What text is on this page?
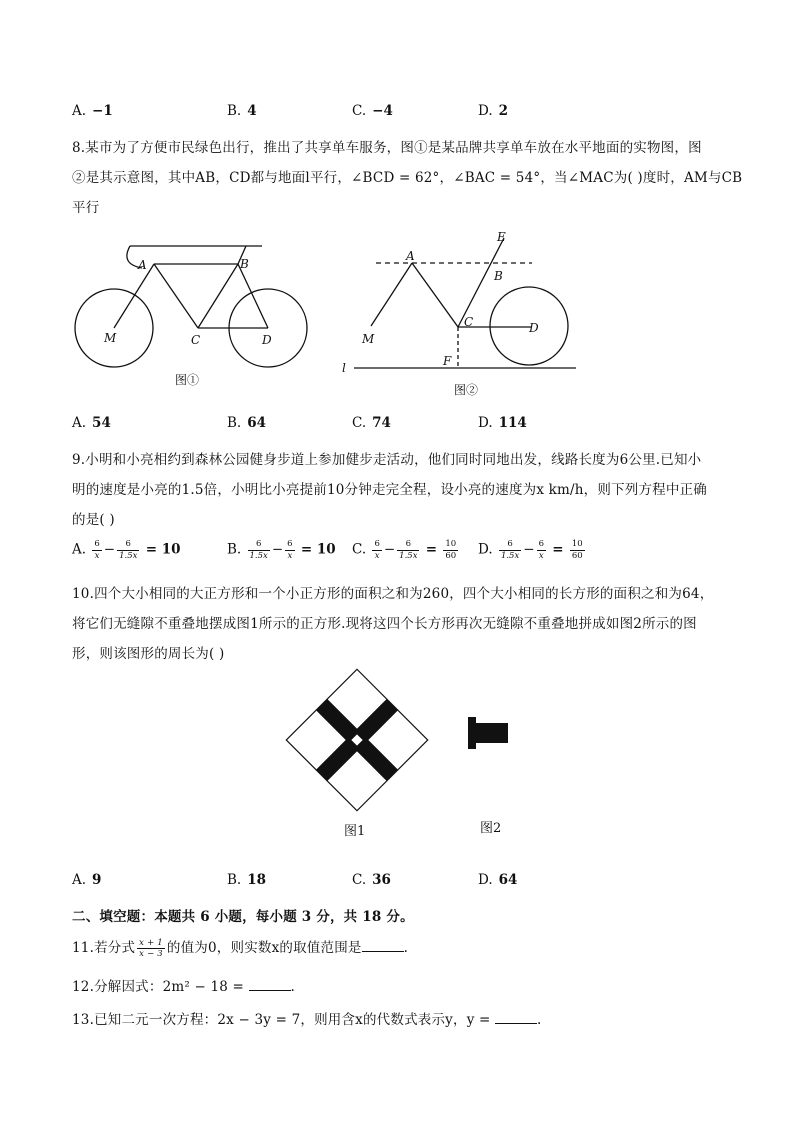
A. −1	B. 4	C. −4	D. 2
8.某市为了方便市民绿色出行，推出了共享单车服务，图①是某品牌共享单车放在水平地面的实物图，图
②是其示意图，其中AB，CD都与地面l平行，∠BCD = 62°，∠BAC = 54°，当∠MAC为( )度时，AM与CB
平行
A	B
C	D
M
图①
A
B
C	D
E
F
M
l
图②
A. 54	B. 64	C. 74	D. 114
9.小明和小亮相约到森林公园健身步道上参加健步走活动，他们同时同地出发，线路长度为6公里.已知小
明的速度是小亮的1.5倍，小明比小亮提前10分钟走完全程，设小亮的速度为x km/h，则下列方程中正确
的是( )
A. $\frac{6}{x} - \frac{6}{1.5x} = 10$	B. $\frac{6}{1.5x} - \frac{6}{x} = 10$ C. $\frac{6}{x} - \frac{6}{1.5x} = \frac{10}{60} D$. $\frac{6}{1.5x} - \frac{6}{x} = \frac{10}{60}$
10.四个大小相同的大正方形和一个小正方形的面积之和为260，四个大小相同的长方形的面积之和为64，
将它们无缝隙不重叠地摆成图1所示的正方形.现将这四个长方形再次无缝隙不重叠地拼成如图2所示的图
形，则该图形的周长为( )
图1	图2
A. 9	B. 18	C. 36	D. 64
二、填空题：本题共 6 小题，每小题 3 分，共 18 分。
11.若分式 $\frac{x + 1}{x - 3}$ 的值为0，则实数x的取值范围是	.
12.分解因式：2m² − 18 =	.
13.已知二元一次方程：2x − 3y = 7，则用含x的代数式表示y，y =	.
